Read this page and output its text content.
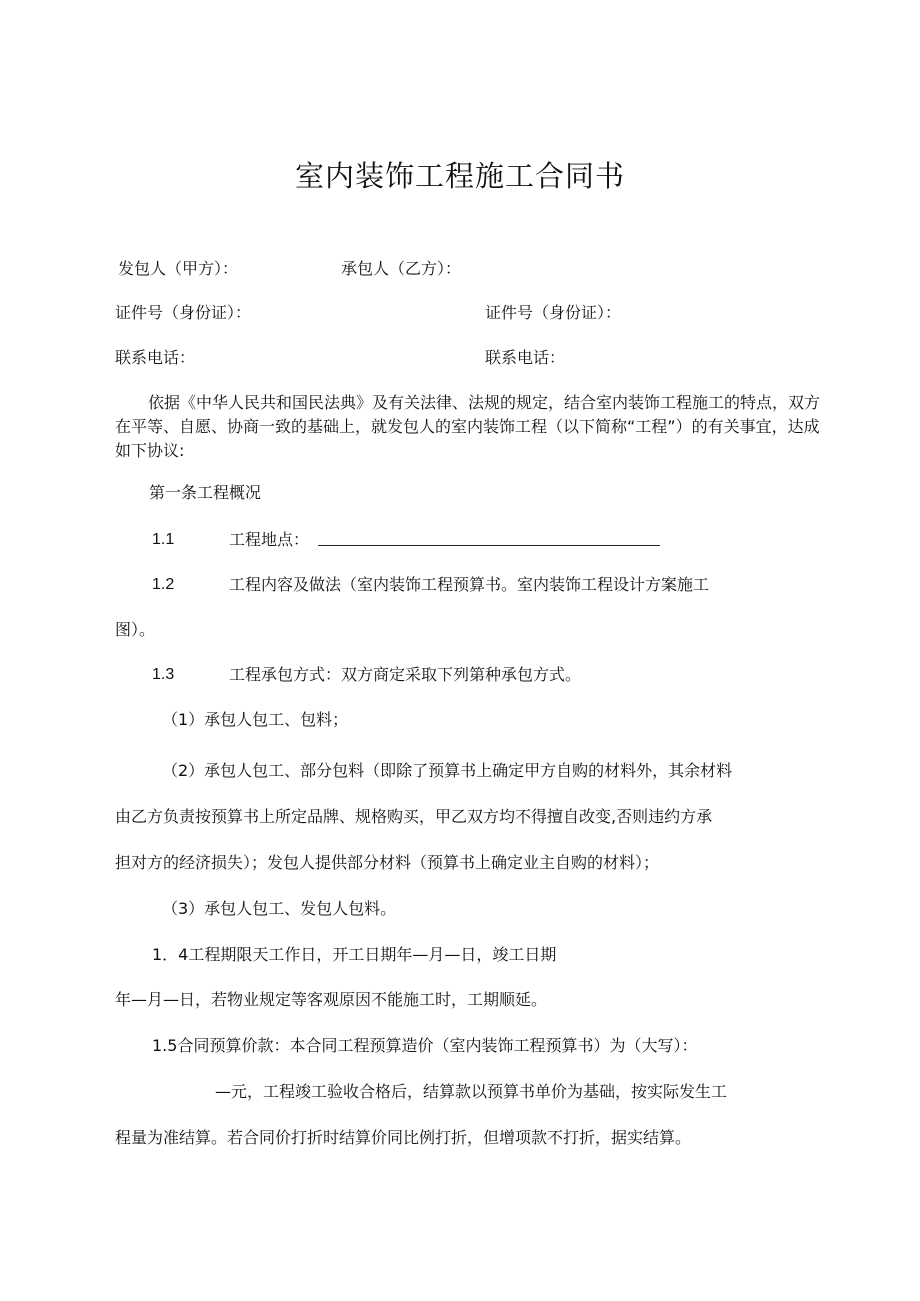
室内装饰工程施工合同书
发包人（甲方）：	承包人（乙方）：
证件号（身份证）：	证件号（身份证）：
联系电话：	联系电话：
依据《中华人民共和国民法典》及有关法律、法规的规定，结合室内装饰工程施工的特点，双方在平等、自愿、协商一致的基础上，就发包人的室内装饰工程（以下简称“工程”）的有关事宜，达成如下协议:
第一条工程概况
1.1	工程地点：
1.2	工程内容及做法（室内装饰工程预算书。室内装饰工程设计方案施工
图）。
1.3	工程承包方式：双方商定采取下列第种承包方式。
（1）承包人包工、包料；
（2）承包人包工、部分包料（即除了预算书上确定甲方自购的材料外，其余材料
由乙方负责按预算书上所定品牌、规格购买，甲乙双方均不得擅自改变,否则违约方承
担对方的经济损失）；发包人提供部分材料（预算书上确定业主自购的材料）；
（3）承包人包工、发包人包料。
1．4工程期限天工作日，开工日期年—月—日，竣工日期
年—月—日，若物业规定等客观原因不能施工时，工期顺延。
1.5合同预算价款：本合同工程预算造价（室内装饰工程预算书）为（大写）：
—元，工程竣工验收合格后，结算款以预算书单价为基础，按实际发生工
程量为准结算。若合同价打折时结算价同比例打折，但增项款不打折，据实结算。
